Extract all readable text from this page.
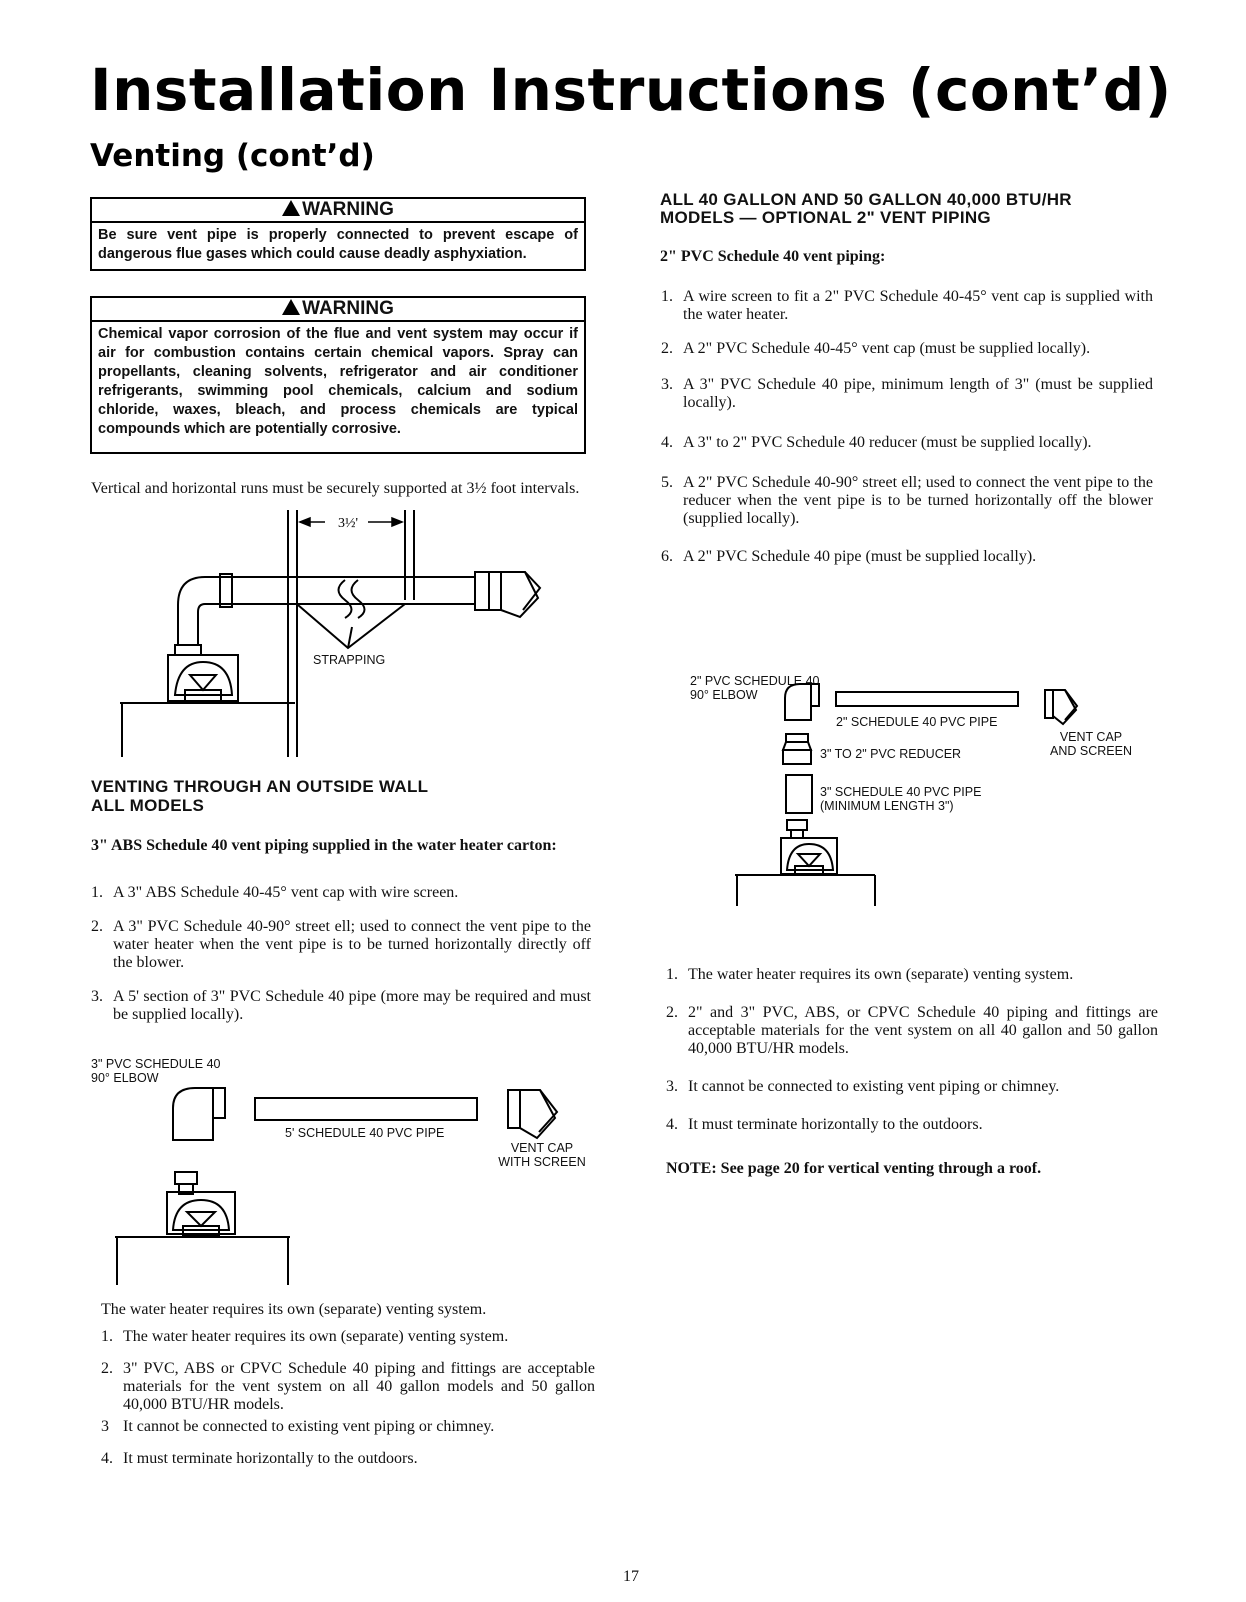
Installation Instructions (cont’d)
Venting (cont’d)
WARNING
Be sure vent pipe is properly connected to prevent escape of dangerous flue gases which could cause deadly asphyxiation.
WARNING
Chemical vapor corrosion of the flue and vent system may occur if air for combustion contains certain chemical vapors. Spray can propellants, cleaning solvents, refrigerator and air conditioner refrigerants, swimming pool chemicals, calcium and sodium chloride, waxes, bleach, and process chemicals are typical compounds which are potentially corrosive.
Vertical and horizontal runs must be securely supported at 3½ foot intervals.
3½'
STRAPPING
VENTING THROUGH AN OUTSIDE WALL
ALL MODELS
3" ABS Schedule 40 vent piping supplied in the water heater carton:
1. A 3" ABS Schedule 40-45° vent cap with wire screen.
2. A 3" PVC Schedule 40-90° street ell; used to connect the vent pipe to the water heater when the vent pipe is to be turned horizontally directly off the blower.
3. A 5' section of 3" PVC Schedule 40 pipe (more may be required and must be supplied locally).
3" PVC SCHEDULE 40
90° ELBOW
5' SCHEDULE 40 PVC PIPE
VENT CAP
WITH SCREEN
The water heater requires its own (separate) venting system.
1. The water heater requires its own (separate) venting system.
2. 3" PVC, ABS or CPVC Schedule 40 piping and fittings are acceptable materials for the vent system on all 40 gallon models and 50 gallon 40,000 BTU/HR models.
3 It cannot be connected to existing vent piping or chimney.
4. It must terminate horizontally to the outdoors.
ALL 40 GALLON AND 50 GALLON 40,000 BTU/HR
MODELS — OPTIONAL 2" VENT PIPING
2" PVC Schedule 40 vent piping:
1. A wire screen to fit a 2" PVC Schedule 40-45° vent cap is supplied with the water heater.
2. A 2" PVC Schedule 40-45° vent cap (must be supplied locally).
3. A 3" PVC Schedule 40 pipe, minimum length of 3" (must be supplied locally).
4. A 3" to 2" PVC Schedule 40 reducer (must be supplied locally).
5. A 2" PVC Schedule 40-90° street ell; used to connect the vent pipe to the reducer when the vent pipe is to be turned horizontally off the blower (supplied locally).
6. A 2" PVC Schedule 40 pipe (must be supplied locally).
2" PVC SCHEDULE 40
90° ELBOW
2" SCHEDULE 40 PVC PIPE
3" TO 2" PVC REDUCER
3" SCHEDULE 40 PVC PIPE
(MINIMUM LENGTH 3")
VENT CAP
AND SCREEN
1. The water heater requires its own (separate) venting system.
2. 2" and 3" PVC, ABS, or CPVC Schedule 40 piping and fittings are acceptable materials for the vent system on all 40 gallon and 50 gallon 40,000 BTU/HR models.
3. It cannot be connected to existing vent piping or chimney.
4. It must terminate horizontally to the outdoors.
NOTE: See page 20 for vertical venting through a roof.
17
